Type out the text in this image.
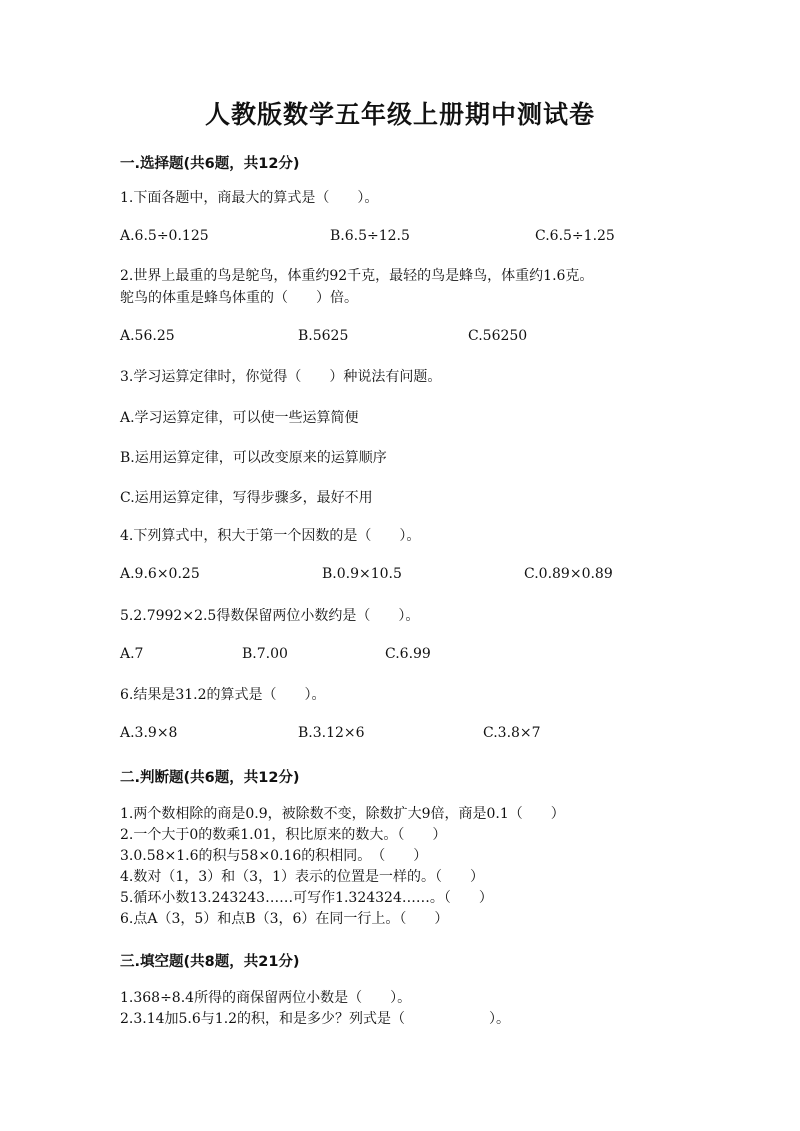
人教版数学五年级上册期中测试卷
一.选择题(共6题，共12分)
1.下面各题中，商最大的算式是（　　）。
A.6.5÷0.125	B.6.5÷12.5	C.6.5÷1.25
2.世界上最重的鸟是鸵鸟，体重约92千克，最轻的鸟是蜂鸟，体重约1.6克。
鸵鸟的体重是蜂鸟体重的（　　）倍。
A.56.25	B.5625	C.56250
3.学习运算定律时，你觉得（　　）种说法有问题。
A.学习运算定律，可以使一些运算简便
B.运用运算定律，可以改变原来的运算顺序
C.运用运算定律，写得步骤多，最好不用
4.下列算式中，积大于第一个因数的是（　　）。
A.9.6×0.25	B.0.9×10.5	C.0.89×0.89
5.2.7992×2.5得数保留两位小数约是（　　）。
A.7	B.7.00	C.6.99
6.结果是31.2的算式是（　　）。
A.3.9×8	B.3.12×6	C.3.8×7
二.判断题(共6题，共12分)
1.两个数相除的商是0.9，被除数不变，除数扩大9倍，商是0.1（　　）
2.一个大于0的数乘1.01，积比原来的数大。（　　）
3.0.58×1.6的积与58×0.16的积相同。　（　　）
4.数对（1，3）和（3，1）表示的位置是一样的。（　　）
5.循环小数13.243243……可写作1.324324……。（　　）
6.点A（3，5）和点B（3，6）在同一行上。（　　）
三.填空题(共8题，共21分)
1.368÷8.4所得的商保留两位小数是（　　）。
2.3.14加5.6与1.2的积，和是多少？列式是（　　　　　　）。
